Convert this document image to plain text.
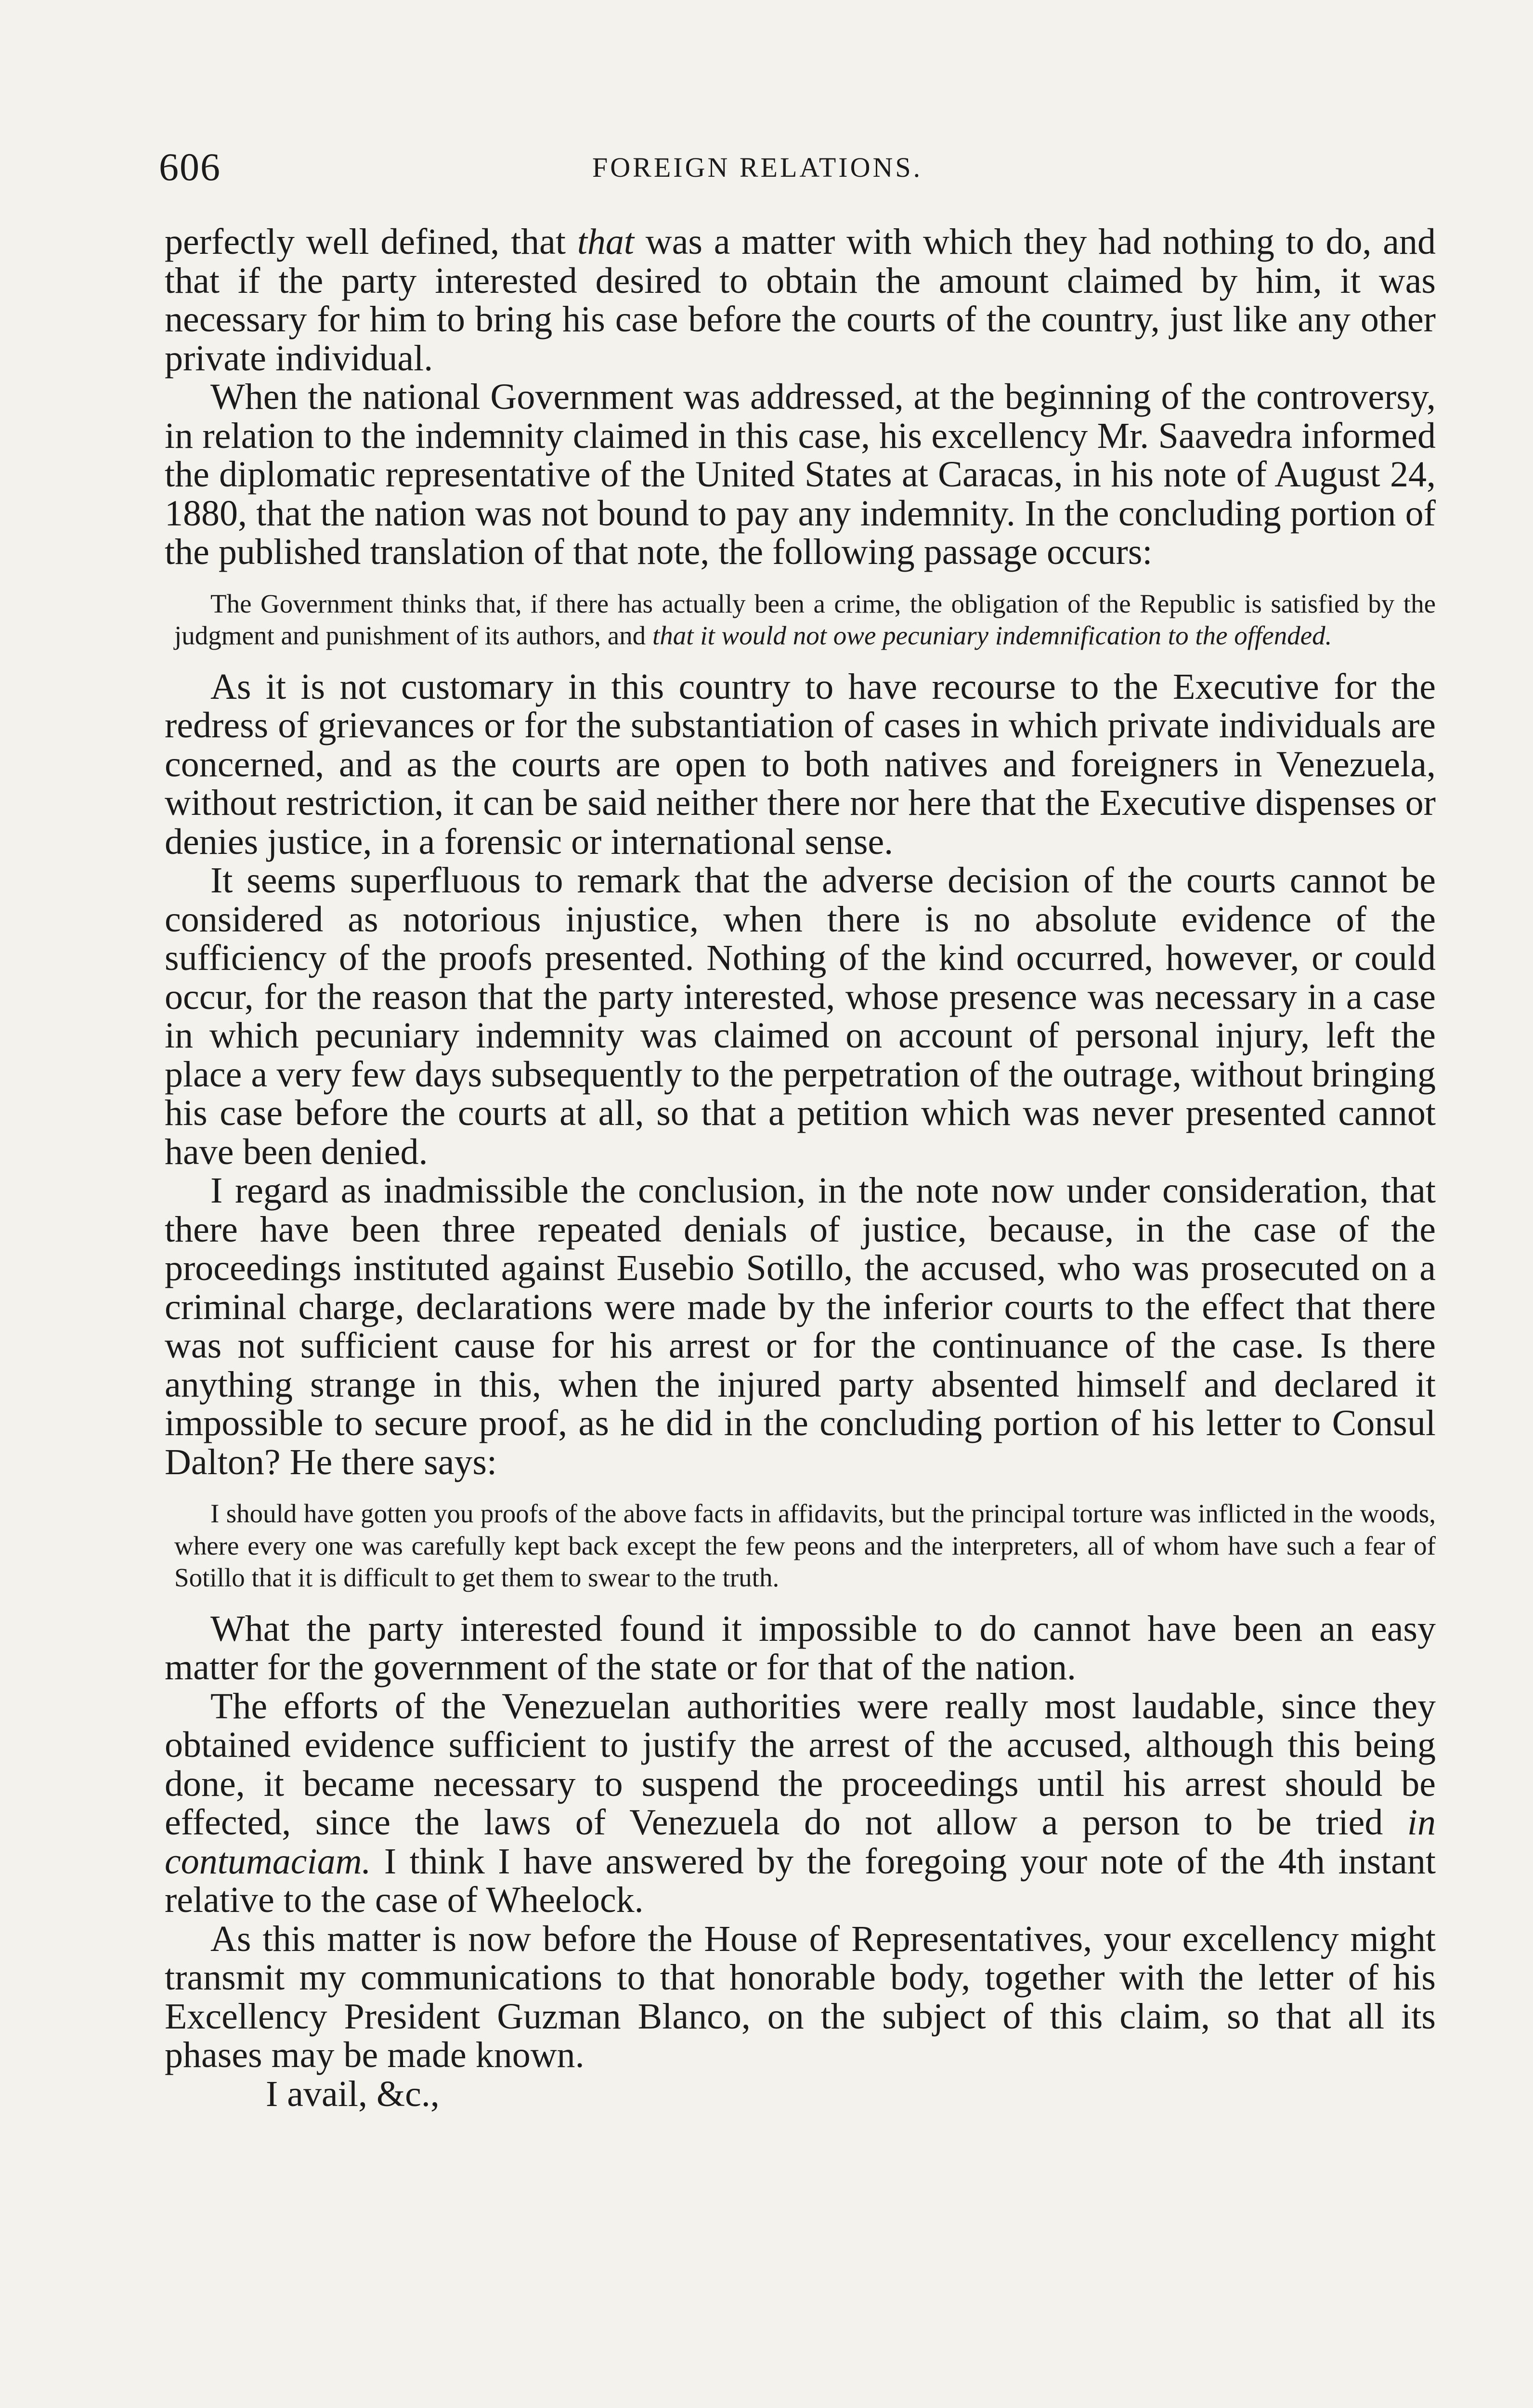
606	FOREIGN RELATIONS.

perfectly well defined, that that was a matter with which they had nothing to do, and that if the party interested desired to obtain the amount claimed by him, it was necessary for him to bring his case before the courts of the country, just like any other private individual.

When the national Government was addressed, at the beginning of the controversy, in relation to the indemnity claimed in this case, his excellency Mr. Saavedra informed the diplomatic representative of the United States at Caracas, in his note of August 24, 1880, that the nation was not bound to pay any indemnity. In the concluding portion of the published translation of that note, the following passage occurs:

The Government thinks that, if there has actually been a crime, the obligation of the Republic is satisfied by the judgment and punishment of its authors, and that it would not owe pecuniary indemnification to the offended.

As it is not customary in this country to have recourse to the Executive for the redress of grievances or for the substantiation of cases in which private individuals are concerned, and as the courts are open to both natives and foreigners in Venezuela, without restriction, it can be said neither there nor here that the Executive dispenses or denies justice, in a forensic or international sense.

It seems superfluous to remark that the adverse decision of the courts cannot be considered as notorious injustice, when there is no absolute evidence of the sufficiency of the proofs presented. Nothing of the kind occurred, however, or could occur, for the reason that the party interested, whose presence was necessary in a case in which pecuniary indemnity was claimed on account of personal injury, left the place a very few days subsequently to the perpetration of the outrage, without bringing his case before the courts at all, so that a petition which was never presented cannot have been denied.

I regard as inadmissible the conclusion, in the note now under consideration, that there have been three repeated denials of justice, because, in the case of the proceedings instituted against Eusebio Sotillo, the accused, who was prosecuted on a criminal charge, declarations were made by the inferior courts to the effect that there was not sufficient cause for his arrest or for the continuance of the case. Is there anything strange in this, when the injured party absented himself and declared it impossible to secure proof, as he did in the concluding portion of his letter to Consul Dalton? He there says:

I should have gotten you proofs of the above facts in affidavits, but the principal torture was inflicted in the woods, where every one was carefully kept back except the few peons and the interpreters, all of whom have such a fear of Sotillo that it is difficult to get them to swear to the truth.

What the party interested found it impossible to do cannot have been an easy matter for the government of the state or for that of the nation.

The efforts of the Venezuelan authorities were really most laudable, since they obtained evidence sufficient to justify the arrest of the accused, although this being done, it became necessary to suspend the proceedings until his arrest should be effected, since the laws of Venezuela do not allow a person to be tried in contumaciam. I think I have answered by the foregoing your note of the 4th instant relative to the case of Wheelock.

As this matter is now before the House of Representatives, your excellency might transmit my communications to that honorable body, together with the letter of his Excellency President Guzman Blanco, on the subject of this claim, so that all its phases may be made known.

I avail, &c.,
